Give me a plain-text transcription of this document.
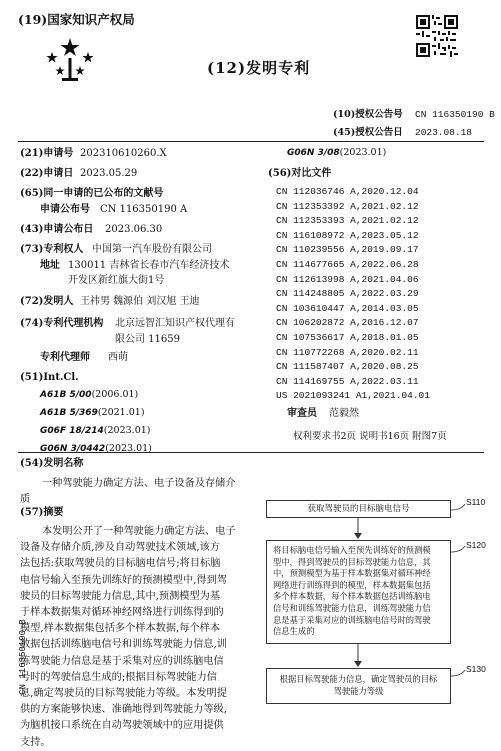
(19)国家知识产权局
(12)发明专利
(10)授权公告号 CN 116350190 B
(45)授权公告日 2023.08.18
(21)申请号 202310610260.X
(22)申请日 2023.05.29
(65)同一申请的已公布的文献号
申请公布号 CN 116350190 A
(43)申请公布日 2023.06.30
(73)专利权人 中国第一汽车股份有限公司
地址 130011 吉林省长春市汽车经济技术
开发区新红旗大街1号
(72)发明人 王祎男 魏源伯 刘汉旭 王迪
(74)专利代理机构 北京远智汇知识产权代理有
限公司 11659
专利代理师 西萌
(51)Int.Cl.
A61B 5/00(2006.01)
A61B 5/369(2021.01)
G06F 18/214(2023.01)
G06N 3/0442(2023.01)
G06N 3/08(2023.01)
(56)对比文件
CN 112036746 A,2020.12.04
CN 112353392 A,2021.02.12
CN 112353393 A,2021.02.12
CN 116108972 A,2023.05.12
CN 110239556 A,2019.09.17
CN 114677665 A,2022.06.28
CN 112613998 A,2021.04.06
CN 114248805 A,2022.03.29
CN 103610447 A,2014.03.05
CN 106202872 A,2016.12.07
CN 107536617 A,2018.01.05
CN 110772268 A,2020.02.11
CN 111587407 A,2020.08.25
CN 114169755 A,2022.03.11
US 2021093241 A1,2021.04.01
审查员 范毅然
权利要求书2页 说明书16页 附图7页
(54)发明名称
一种驾驶能力确定方法、电子设备及存储介
质
(57)摘要
本发明公开了一种驾驶能力确定方法、电子
设备及存储介质,涉及自动驾驶技术领域,该方
法包括:获取驾驶员的目标脑电信号;将目标脑
电信号输入至预先训练好的预测模型中,得到驾
驶员的目标驾驶能力信息,其中,预测模型为基
于样本数据集对循环神经网络进行训练得到的
模型,样本数据集包括多个样本数据,每个样本
数据包括训练脑电信号和训练驾驶能力信息,训
练驾驶能力信息是基于采集对应的训练脑电信
号时的驾驶信息生成的;根据目标驾驶能力信
息,确定驾驶员的目标驾驶能力等级。本发明提
供的方案能够快速、准确地得到驾驶能力等级,
为脑机接口系统在自动驾驶领域中的应用提供
支持。
CN 116350190 B
获取驾驶员的目标脑电信号
S110
将目标脑电信号输入至预先训练好的预测模
型中，得到驾驶员的目标驾驶能力信息，其
中，预测模型为基于样本数据集对循环神经
网络进行训练得到的模型，样本数据集包括
多个样本数据，每个样本数据包括训练脑电
信号和训练驾驶能力信息，训练驾驶能力信
息是基于采集对应的训练脑电信号时的驾驶
信息生成的
S120
根据目标驾驶能力信息，确定驾驶员的目标
驾驶能力等级
S130
